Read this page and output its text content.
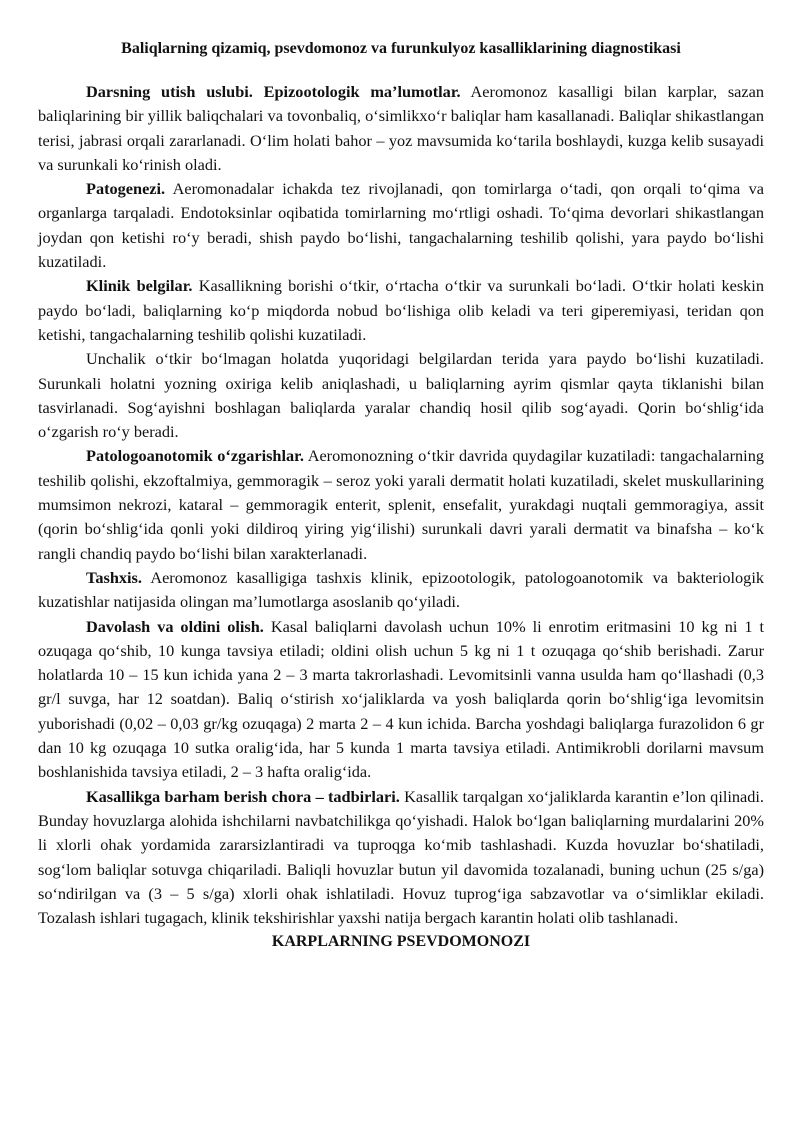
Baliqlarning qizamiq, psevdomonoz va furunkulyoz kasalliklarining diagnostikasi

Darsning utish uslubi. Epizootologik ma’lumotlar. Aeromonoz kasalligi bilan karplar, sazan baliqlarining bir yillik baliqchalari va tovonbaliq, o‘simlikxo‘r baliqlar ham kasallanadi. Baliqlar shikastlangan terisi, jabrasi orqali zararlanadi. O‘lim holati bahor – yoz mavsumida ko‘tarila boshlaydi, kuzga kelib susayadi va surunkali ko‘rinish oladi.

Patogenezi. Aeromonadalar ichakda tez rivojlanadi, qon tomirlarga o‘tadi, qon orqali to‘qima va organlarga tarqaladi. Endotoksinlar oqibatida tomirlarning mo‘rtligi oshadi. To‘qima devorlari shikastlangan joydan qon ketishi ro‘y beradi, shish paydo bo‘lishi, tangachalarning teshilib qolishi, yara paydo bo‘lishi kuzatiladi.

Klinik belgilar. Kasallikning borishi o‘tkir, o‘rtacha o‘tkir va surunkali bo‘ladi. O‘tkir holati keskin paydo bo‘ladi, baliqlarning ko‘p miqdorda nobud bo‘lishiga olib keladi va teri giperemiyasi, teridan qon ketishi, tangachalarning teshilib qolishi kuzatiladi.

Unchalik o‘tkir bo‘lmagan holatda yuqoridagi belgilardan terida yara paydo bo‘lishi kuzatiladi. Surunkali holatni yozning oxiriga kelib aniqlashadi, u baliqlarning ayrim qismlar qayta tiklanishi bilan tasvirlanadi. Sog‘ayishni boshlagan baliqlarda yaralar chandiq hosil qilib sog‘ayadi. Qorin bo‘shlig‘ida o‘zgarish ro‘y beradi.

Patologoanotomik o‘zgarishlar. Aeromonozning o‘tkir davrida quydagilar kuzatiladi: tangachalarning teshilib qolishi, ekzoftalmiya, gemmoragik – seroz yoki yarali dermatit holati kuzatiladi, skelet muskullarining mumsimon nekrozi, kataral – gemmoragik enterit, splenit, ensefalit, yurakdagi nuqtali gemmoragiya, assit (qorin bo‘shlig‘ida qonli yoki dildiroq yiring yig‘ilishi) surunkali davri yarali dermatit va binafsha – ko‘k rangli chandiq paydo bo‘lishi bilan xarakterlanadi.

Tashxis. Aeromonoz kasalligiga tashxis klinik, epizootologik, patologoanotomik va bakteriologik kuzatishlar natijasida olingan ma’lumotlarga asoslanib qo‘yiladi.

Davolash va oldini olish. Kasal baliqlarni davolash uchun 10% li enrotim eritmasini 10 kg ni 1 t ozuqaga qo‘shib, 10 kunga tavsiya etiladi; oldini olish uchun 5 kg ni 1 t ozuqaga qo‘shib berishadi. Zarur holatlarda 10 – 15 kun ichida yana 2 – 3 marta takrorlashadi. Levomitsinli vanna usulda ham qo‘llashadi (0,3 gr/l suvga, har 12 soatdan). Baliq o‘stirish xo‘jaliklarda va yosh baliqlarda qorin bo‘shlig‘iga levomitsin yuborishadi (0,02 – 0,03 gr/kg ozuqaga) 2 marta 2 – 4 kun ichida. Barcha yoshdagi baliqlarga furazolidon 6 gr dan 10 kg ozuqaga 10 sutka oralig‘ida, har 5 kunda 1 marta tavsiya etiladi. Antimikrobli dorilarni mavsum boshlanishida tavsiya etiladi, 2 – 3 hafta oralig‘ida.

Kasallikga barham berish chora – tadbirlari. Kasallik tarqalgan xo‘jaliklarda karantin e’lon qilinadi. Bunday hovuzlarga alohida ishchilarni navbatchilikga qo‘yishadi. Halok bo‘lgan baliqlarning murdalarini 20% li xlorli ohak yordamida zararsizlantiradi va tuproqga ko‘mib tashlashadi. Kuzda hovuzlar bo‘shatiladi, sog‘lom baliqlar sotuvga chiqariladi. Baliqli hovuzlar butun yil davomida tozalanadi, buning uchun (25 s/ga) so‘ndirilgan va (3 – 5 s/ga) xlorli ohak ishlatiladi. Hovuz tuprog‘iga sabzavotlar va o‘simliklar ekiladi. Tozalash ishlari tugagach, klinik tekshirishlar yaxshi natija bergach karantin holati olib tashlanadi.

KARPLARNING PSEVDOMONOZI
